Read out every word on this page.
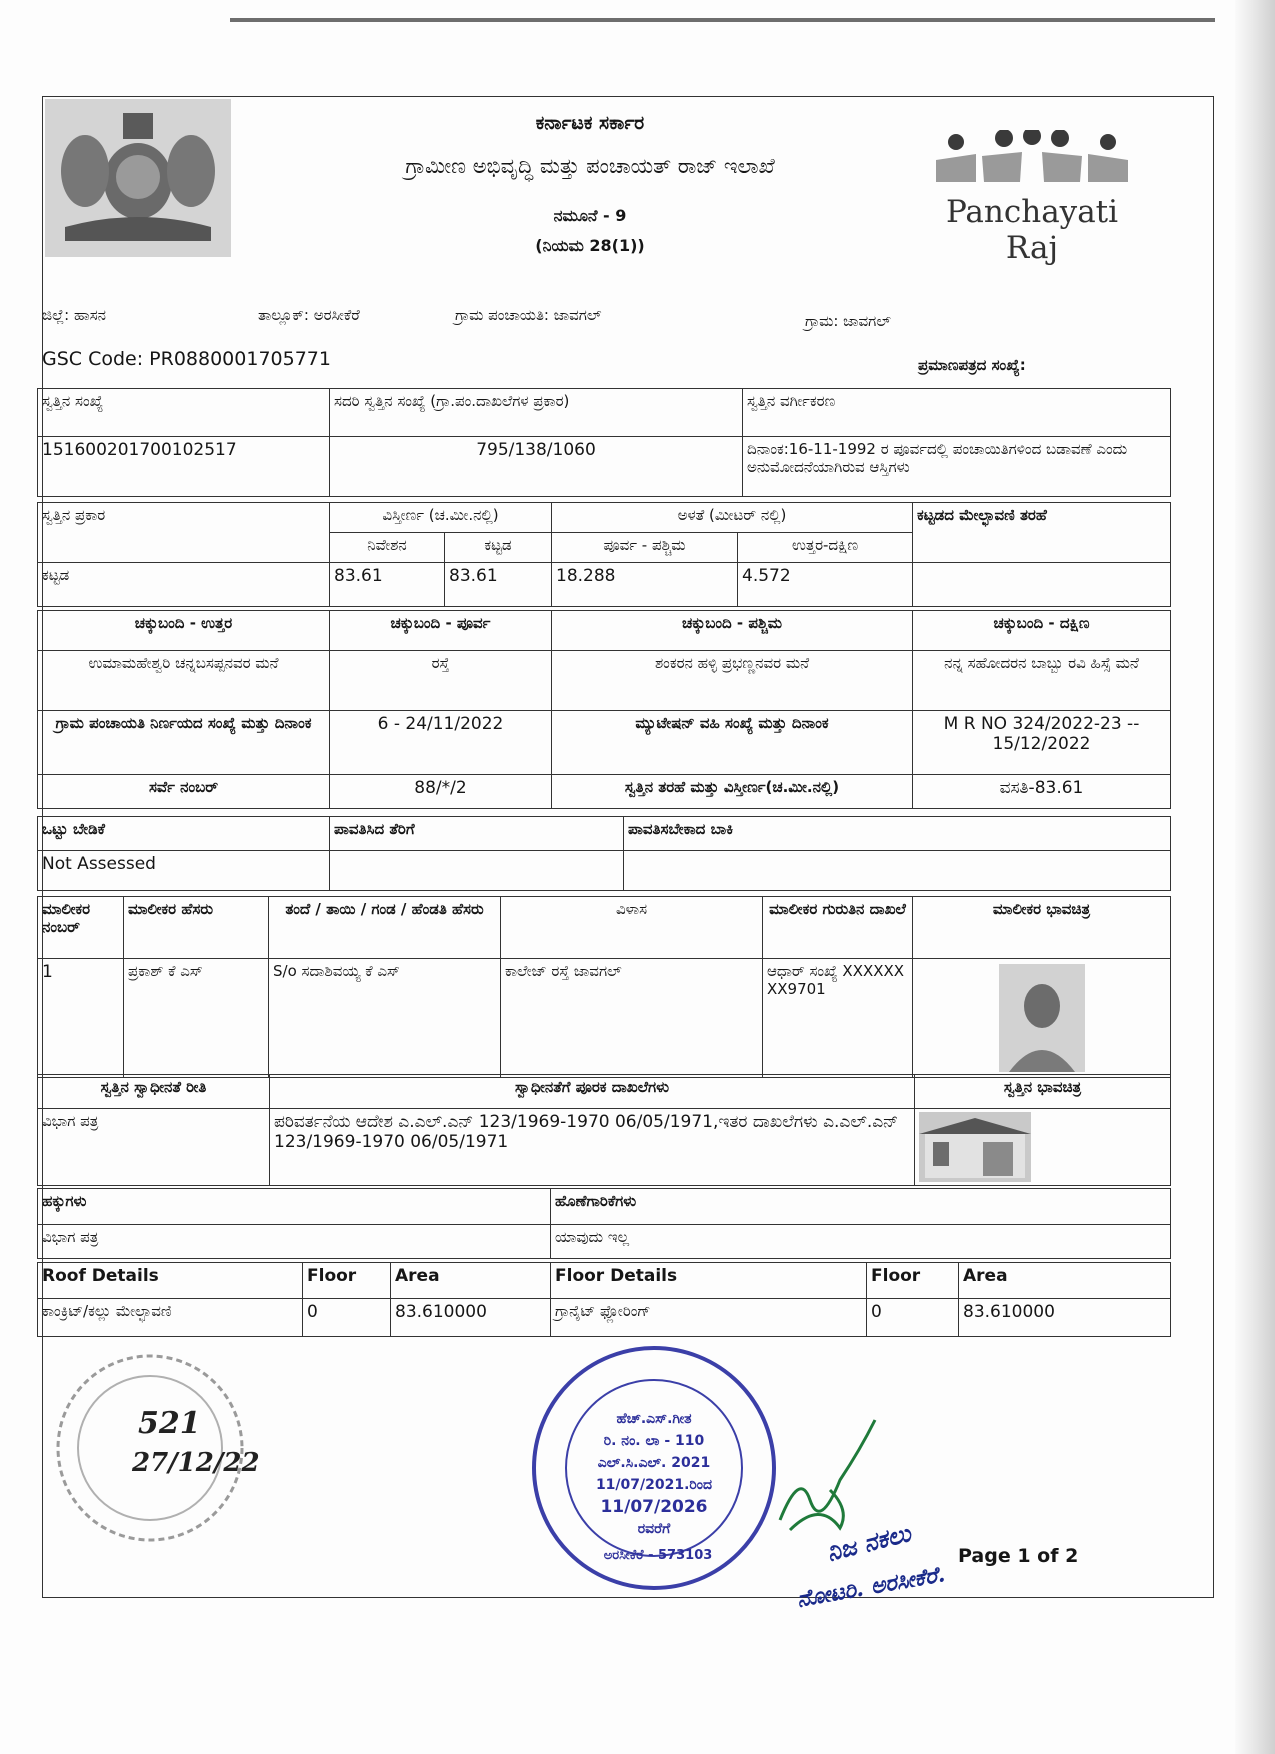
ಕರ್ನಾಟಕ ಸರ್ಕಾರ
ಗ್ರಾಮೀಣ ಅಭಿವೃದ್ಧಿ ಮತ್ತು ಪಂಚಾಯತ್ ರಾಜ್ ಇಲಾಖೆ
ನಮೂನೆ - 9
(ನಿಯಮ 28(1))
Panchayati Raj
ಜಿಲ್ಲೆ: ಹಾಸನ	ತಾಲ್ಲೂಕ್: ಅರಸೀಕೆರೆ	ಗ್ರಾಮ ಪಂಚಾಯತಿ: ಜಾವಗಲ್	ಗ್ರಾಮ: ಜಾವಗಲ್
GSC Code: PR0880001705771	ಪ್ರಮಾಣಪತ್ರದ ಸಂಖ್ಯೆ:
ಸ್ವತ್ತಿನ ಸಂಖ್ಯೆ	ಸದರಿ ಸ್ವತ್ತಿನ ಸಂಖ್ಯೆ (ಗ್ರಾ.ಪಂ.ದಾಖಲೆಗಳ ಪ್ರಕಾರ)	ಸ್ವತ್ತಿನ ವರ್ಗೀಕರಣ
151600201700102517	795/138/1060	ದಿನಾಂಕ:16-11-1992 ರ ಪೂರ್ವದಲ್ಲಿ ಪಂಚಾಯಿತಿಗಳಿಂದ ಬಡಾವಣೆ ಎಂದು ಅನುಮೋದನೆಯಾಗಿರುವ ಆಸ್ತಿಗಳು
ಸ್ವತ್ತಿನ ಪ್ರಕಾರ	ವಿಸ್ತೀರ್ಣ (ಚ.ಮೀ.ನಲ್ಲಿ)		ಅಳತೆ (ಮೀಟರ್ ನಲ್ಲಿ)		ಕಟ್ಟಡದ ಮೇಲ್ಛಾವಣಿ ತರಹೆ
	ನಿವೇಶನ	ಕಟ್ಟಡ	ಪೂರ್ವ - ಪಶ್ಚಿಮ	ಉತ್ತರ-ದಕ್ಷಿಣ	
ಕಟ್ಟಡ	83.61	83.61	18.288	4.572	
ಚಕ್ಕುಬಂದಿ - ಉತ್ತರ	ಚಕ್ಕುಬಂದಿ - ಪೂರ್ವ	ಚಕ್ಕುಬಂದಿ - ಪಶ್ಚಿಮ	ಚಕ್ಕುಬಂದಿ - ದಕ್ಷಿಣ
ಉಮಾಮಹೇಶ್ವರಿ ಚನ್ನಬಸಪ್ಪನವರ ಮನೆ	ರಸ್ತೆ	ಶಂಕರನ ಹಳ್ಳಿ ಪ್ರಭಣ್ಣನವರ ಮನೆ	ನನ್ನ ಸಹೋದರನ ಬಾಬ್ಬು ರವಿ ಹಿಸ್ಸೆ ಮನೆ
ಗ್ರಾಮ ಪಂಚಾಯತಿ ನಿರ್ಣಯದ ಸಂಖ್ಯೆ ಮತ್ತು ದಿನಾಂಕ	6 - 24/11/2022	ಮ್ಯುಟೇಷನ್ ವಹಿ ಸಂಖ್ಯೆ ಮತ್ತು ದಿನಾಂಕ	M R NO 324/2022-23 -- 15/12/2022
ಸರ್ವೆ ನಂಬರ್	88/*/2	ಸ್ವತ್ತಿನ ತರಹೆ ಮತ್ತು ವಿಸ್ತೀರ್ಣ(ಚ.ಮೀ.ನಲ್ಲಿ)	ವಸತಿ-83.61
ಒಟ್ಟು ಬೇಡಿಕೆ	ಪಾವತಿಸಿದ ತೆರಿಗೆ	ಪಾವತಿಸಬೇಕಾದ ಬಾಕಿ
Not Assessed		
ಮಾಲೀಕರ ನಂಬರ್	ಮಾಲೀಕರ ಹೆಸರು	ತಂದೆ / ತಾಯಿ / ಗಂಡ / ಹೆಂಡತಿ ಹೆಸರು	ವಿಳಾಸ	ಮಾಲೀಕರ ಗುರುತಿನ ದಾಖಲೆ	ಮಾಲೀಕರ ಭಾವಚಿತ್ರ
1	ಪ್ರಕಾಶ್ ಕೆ ಎಸ್	S/o ಸದಾಶಿವಯ್ಯ ಕೆ ಎಸ್	ಕಾಲೇಜ್ ರಸ್ತೆ ಜಾವಗಲ್	ಆಧಾರ್ ಸಂಖ್ಯೆ XXXXXXXX9701	
ಸ್ವತ್ತಿನ ಸ್ವಾಧೀನತೆ ರೀತಿ	ಸ್ವಾಧೀನತೆಗೆ ಪೂರಕ ದಾಖಲೆಗಳು	ಸ್ವತ್ತಿನ ಭಾವಚಿತ್ರ
ವಿಭಾಗ ಪತ್ರ	ಪರಿವರ್ತನೆಯ ಆದೇಶ ಎ.ಎಲ್.ಎನ್ 123/1969-1970 06/05/1971,ಇತರ ದಾಖಲೆಗಳು ಎ.ಎಲ್.ಎನ್ 123/1969-1970 06/05/1971	
ಹಕ್ಕುಗಳು	ಹೊಣೆಗಾರಿಕೆಗಳು
ವಿಭಾಗ ಪತ್ರ	ಯಾವುದು ಇಲ್ಲ
Roof Details	Floor	Area	Floor Details	Floor	Area
ಕಾಂಕ್ರಿಟ್/ಕಲ್ಲು ಮೇಲ್ಛಾವಣಿ	0	83.610000	ಗ್ರಾನೈಟ್ ಫ್ಲೋರಿಂಗ್	0	83.610000
521
27/12/22
ಹೆಚ್.ಎಸ್.ಗೀತ
ರಿ. ನಂ. ಲಾ - 110
ಎಲ್.ಸಿ.ಎಲ್. 2021
11/07/2021.ರಿಂದ
11/07/2026
ರವರೆಗೆ
ಅರಸೀಕೆರೆ - 573103	ನಿಜ ನಕಲು
ನೋಟರಿ. ಅರಸೀಕೆರೆ.
Page 1 of 2
